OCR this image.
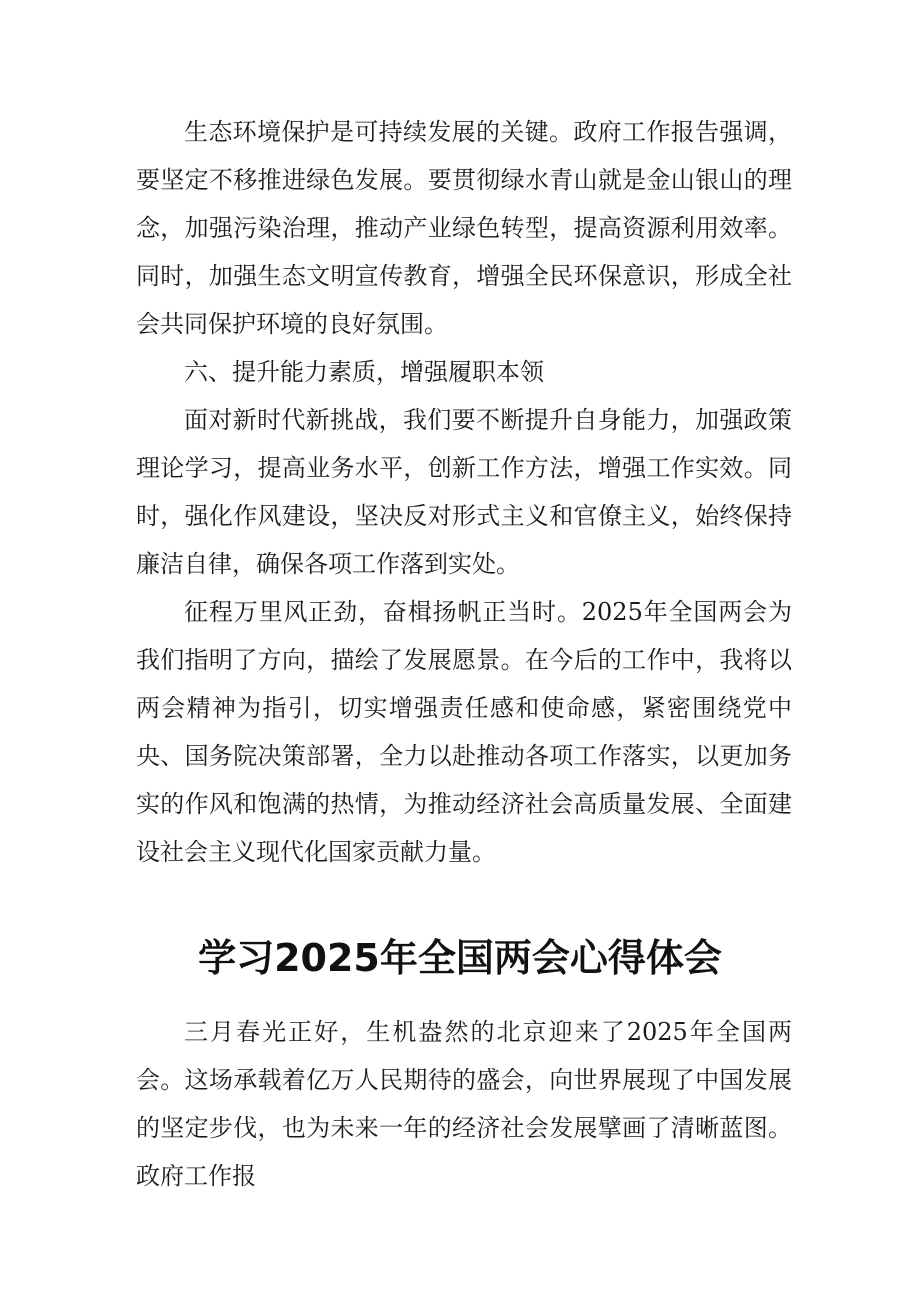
生态环境保护是可持续发展的关键。政府工作报告强调，要坚定不移推进绿色发展。要贯彻绿水青山就是金山银山的理念，加强污染治理，推动产业绿色转型，提高资源利用效率。同时，加强生态文明宣传教育，增强全民环保意识，形成全社会共同保护环境的良好氛围。

六、提升能力素质，增强履职本领

面对新时代新挑战，我们要不断提升自身能力，加强政策理论学习，提高业务水平，创新工作方法，增强工作实效。同时，强化作风建设，坚决反对形式主义和官僚主义，始终保持廉洁自律，确保各项工作落到实处。

征程万里风正劲，奋楫扬帆正当时。2025年全国两会为我们指明了方向，描绘了发展愿景。在今后的工作中，我将以两会精神为指引，切实增强责任感和使命感，紧密围绕党中央、国务院决策部署，全力以赴推动各项工作落实，以更加务实的作风和饱满的热情，为推动经济社会高质量发展、全面建设社会主义现代化国家贡献力量。

学习2025年全国两会心得体会

三月春光正好，生机盎然的北京迎来了2025年全国两会。这场承载着亿万人民期待的盛会，向世界展现了中国发展的坚定步伐，也为未来一年的经济社会发展擘画了清晰蓝图。政府工作报
